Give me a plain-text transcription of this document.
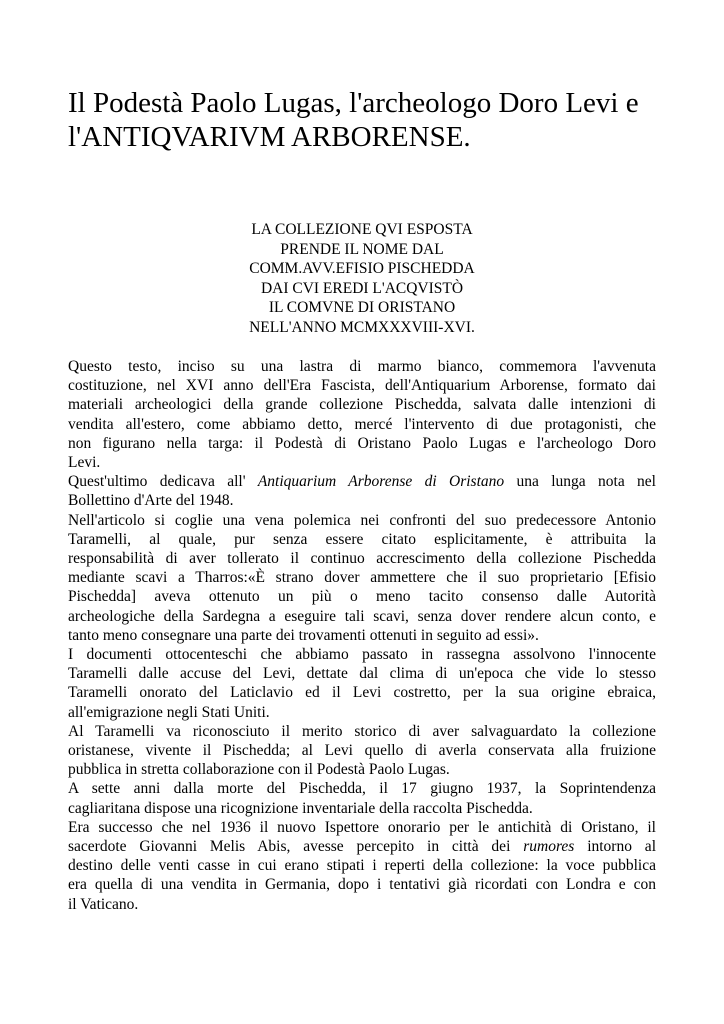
Il Podestà Paolo Lugas, l'archeologo Doro Levi e
l'ANTIQVARIVM ARBORENSE.
LA COLLEZIONE QVI ESPOSTA
PRENDE IL NOME DAL
COMM.AVV.EFISIO PISCHEDDA
DAI CVI EREDI L'ACQVISTÒ
IL COMVNE DI ORISTANO
NELL'ANNO MCMXXXVIII-XVI.

Questo testo, inciso su una lastra di marmo bianco, commemora l'avvenuta
costituzione, nel XVI anno dell'Era Fascista, dell'Antiquarium Arborense, formato dai
materiali archeologici della grande collezione Pischedda, salvata dalle intenzioni di
vendita all'estero, come abbiamo detto, mercé l'intervento di due protagonisti, che
non figurano nella targa: il Podestà di Oristano Paolo Lugas e l'archeologo Doro
Levi.

Quest'ultimo dedicava all' Antiquarium Arborense di Oristano una lunga nota nel
Bollettino d'Arte del 1948.

Nell'articolo si coglie una vena polemica nei confronti del suo predecessore Antonio
Taramelli, al quale, pur senza essere citato esplicitamente, è attribuita la
responsabilità di aver tollerato il continuo accrescimento della collezione Pischedda
mediante scavi a Tharros:«È strano dover ammettere che il suo proprietario [Efisio
Pischedda] aveva ottenuto un più o meno tacito consenso dalle Autorità
archeologiche della Sardegna a eseguire tali scavi, senza dover rendere alcun conto, e
tanto meno consegnare una parte dei trovamenti ottenuti in seguito ad essi».

I documenti ottocenteschi che abbiamo passato in rassegna assolvono l'innocente
Taramelli dalle accuse del Levi, dettate dal clima di un'epoca che vide lo stesso
Taramelli onorato del Laticlavio ed il Levi costretto, per la sua origine ebraica,
all'emigrazione negli Stati Uniti.

Al Taramelli va riconosciuto il merito storico di aver salvaguardato la collezione
oristanese, vivente il Pischedda; al Levi quello di averla conservata alla fruizione
pubblica in stretta collaborazione con il Podestà Paolo Lugas.

A sette anni dalla morte del Pischedda, il 17 giugno 1937, la Soprintendenza
cagliaritana dispose una ricognizione inventariale della raccolta Pischedda.

Era successo che nel 1936 il nuovo Ispettore onorario per le antichità di Oristano, il
sacerdote Giovanni Melis Abis, avesse percepito in città dei rumores intorno al
destino delle venti casse in cui erano stipati i reperti della collezione: la voce pubblica
era quella di una vendita in Germania, dopo i tentativi già ricordati con Londra e con
il Vaticano.
